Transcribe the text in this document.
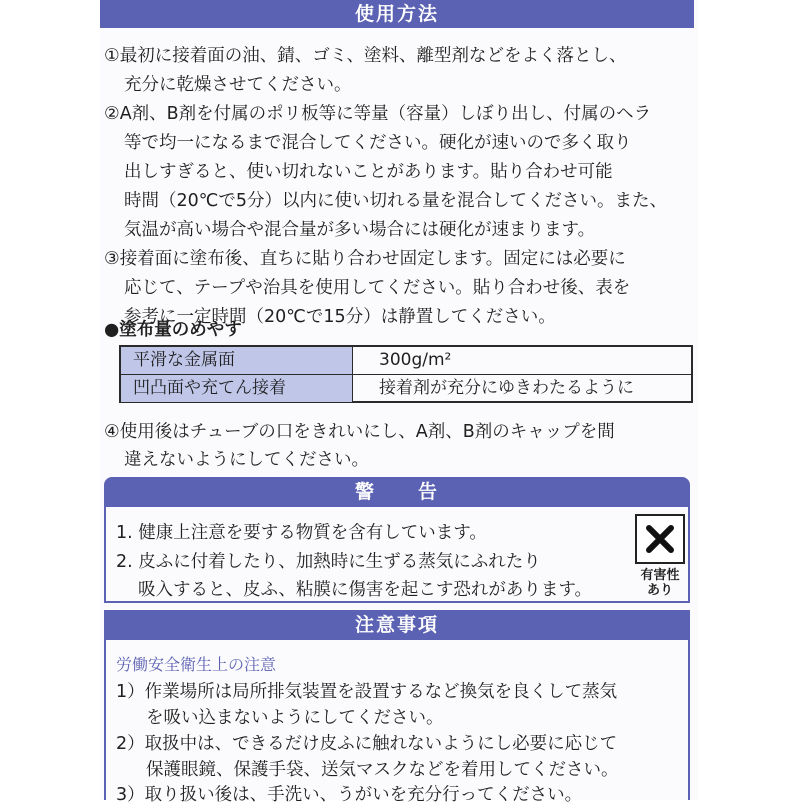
使用方法
①最初に接着面の油、錆、ゴミ、塗料、離型剤などをよく落とし、
充分に乾燥させてください。
②A剤、B剤を付属のポリ板等に等量（容量）しぼり出し、付属のヘラ
等で均一になるまで混合してください。硬化が速いので多く取り
出しすぎると、使い切れないことがあります。貼り合わせ可能
時間（20℃で5分）以内に使い切れる量を混合してください。また、
気温が高い場合や混合量が多い場合には硬化が速まります。
③接着面に塗布後、直ちに貼り合わせ固定します。固定には必要に
応じて、テープや治具を使用してください。貼り合わせ後、表を
参考に一定時間（20℃で15分）は静置してください。
●塗布量のめやす
平滑な金属面	300g/m²
凹凸面や充てん接着	接着剤が充分にゆきわたるように
④使用後はチューブの口をきれいにし、A剤、B剤のキャップを間
違えないようにしてください。
警　　告
1. 健康上注意を要する物質を含有しています。
2. 皮ふに付着したり、加熱時に生ずる蒸気にふれたり
吸入すると、皮ふ、粘膜に傷害を起こす恐れがあります。
有害性
あり
注意事項
労働安全衛生上の注意
1）作業場所は局所排気装置を設置するなど換気を良くして蒸気
を吸い込まないようにしてください。
2）取扱中は、できるだけ皮ふに触れないようにし必要に応じて
保護眼鏡、保護手袋、送気マスクなどを着用してください。
3）取り扱い後は、手洗い、うがいを充分行ってください。
